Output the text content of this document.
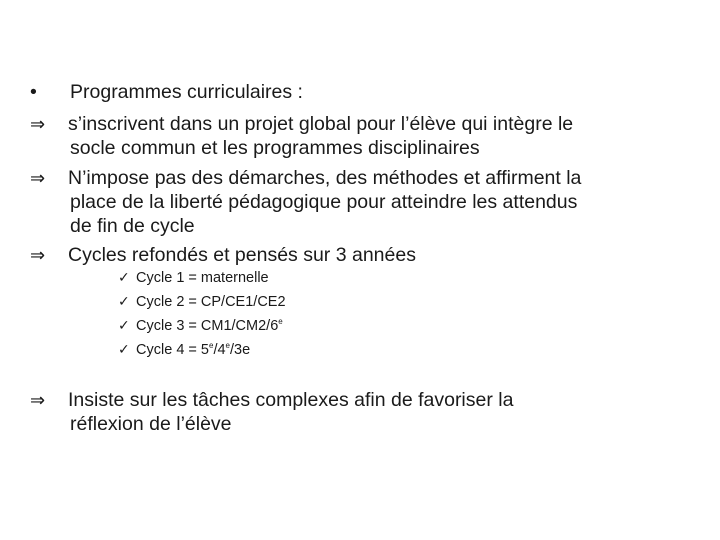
• Programmes curriculaires :
⇒ s’inscrivent dans un projet global pour l’élève qui intègre le
socle commun et les programmes disciplinaires
⇒ N’impose pas des démarches, des méthodes et affirment la
place de la liberté pédagogique pour atteindre les attendus
de fin de cycle
⇒ Cycles refondés et pensés sur 3 années
✓ Cycle 1 = maternelle
✓ Cycle 2 = CP/CE1/CE2
✓ Cycle $3 = CM1/CM2/6^e$
✓ Cycle $4 = 5^e/4^e/3e$
⇒ Insiste sur les tâches complexes afin de favoriser la
réflexion de l’élève
